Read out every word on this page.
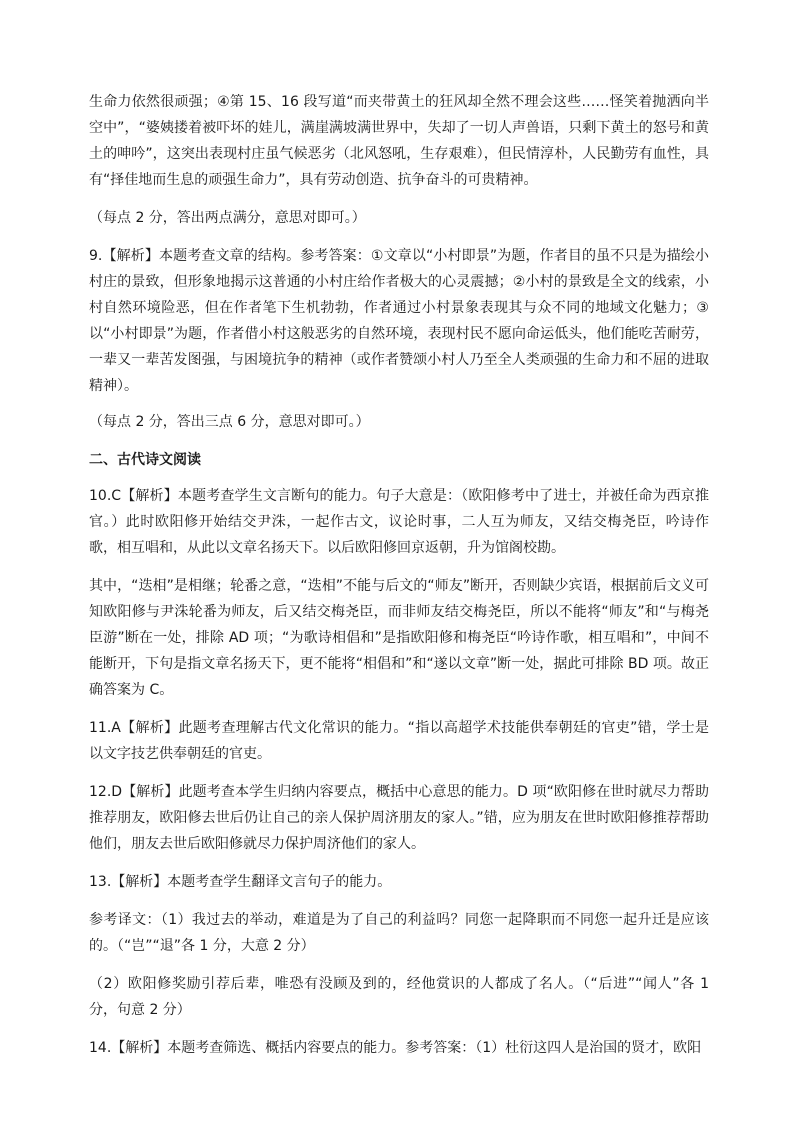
生命力依然很顽强；④第 15、16 段写道“而夹带黄土的狂风却全然不理会这些……怪笑着抛洒向半空中”，“婆姨搂着被吓坏的娃儿，满崖满坡满世界中，失却了一切人声兽语，只剩下黄土的怒号和黄土的呻吟”，这突出表现村庄虽气候恶劣（北风怒吼，生存艰难），但民情淳朴，人民勤劳有血性，具有“择佳地而生息的顽强生命力”，具有劳动创造、抗争奋斗的可贵精神。

（每点 2 分，答出两点满分，意思对即可。）

9.【解析】本题考查文章的结构。参考答案：①文章以“小村即景”为题，作者目的虽不只是为描绘小村庄的景致，但形象地揭示这普通的小村庄给作者极大的心灵震撼；②小村的景致是全文的线索，小村自然环境险恶，但在作者笔下生机勃勃，作者通过小村景象表现其与众不同的地域文化魅力；③以“小村即景”为题，作者借小村这般恶劣的自然环境，表现村民不愿向命运低头，他们能吃苦耐劳，一辈又一辈苦发图强，与困境抗争的精神（或作者赞颂小村人乃至全人类顽强的生命力和不屈的进取精神）。

（每点 2 分，答出三点 6 分，意思对即可。）

二、古代诗文阅读

10.C【解析】本题考查学生文言断句的能力。句子大意是：（欧阳修考中了进士，并被任命为西京推官。）此时欧阳修开始结交尹洙，一起作古文，议论时事，二人互为师友，又结交梅尧臣，吟诗作歌，相互唱和，从此以文章名扬天下。以后欧阳修回京返朝，升为馆阁校勘。

其中，“迭相”是相继；轮番之意，“迭相”不能与后文的“师友”断开，否则缺少宾语，根据前后文义可知欧阳修与尹洙轮番为师友，后又结交梅尧臣，而非师友结交梅尧臣，所以不能将“师友”和“与梅尧臣游”断在一处，排除 AD 项；“为歌诗相倡和”是指欧阳修和梅尧臣“吟诗作歌，相互唱和”，中间不能断开，下句是指文章名扬天下，更不能将“相倡和”和“遂以文章”断一处，据此可排除 BD 项。故正确答案为 C。

11.A【解析】此题考查理解古代文化常识的能力。“指以高超学术技能供奉朝廷的官吏”错，学士是以文字技艺供奉朝廷的官吏。

12.D【解析】此题考查本学生归纳内容要点，概括中心意思的能力。D 项“欧阳修在世时就尽力帮助推荐朋友，欧阳修去世后仍让自己的亲人保护周济朋友的家人。”错，应为朋友在世时欧阳修推荐帮助他们，朋友去世后欧阳修就尽力保护周济他们的家人。

13.【解析】本题考查学生翻译文言句子的能力。

参考译文：（1）我过去的举动，难道是为了自己的利益吗？同您一起降职而不同您一起升迁是应该的。（“岂”“退”各 1 分，大意 2 分）

（2）欧阳修奖励引荐后辈，唯恐有没顾及到的，经他赏识的人都成了名人。（“后进”“闻人”各 1 分，句意 2 分）

14.【解析】本题考查筛选、概括内容要点的能力。参考答案：（1）杜衍这四人是治国的贤才，欧阳
